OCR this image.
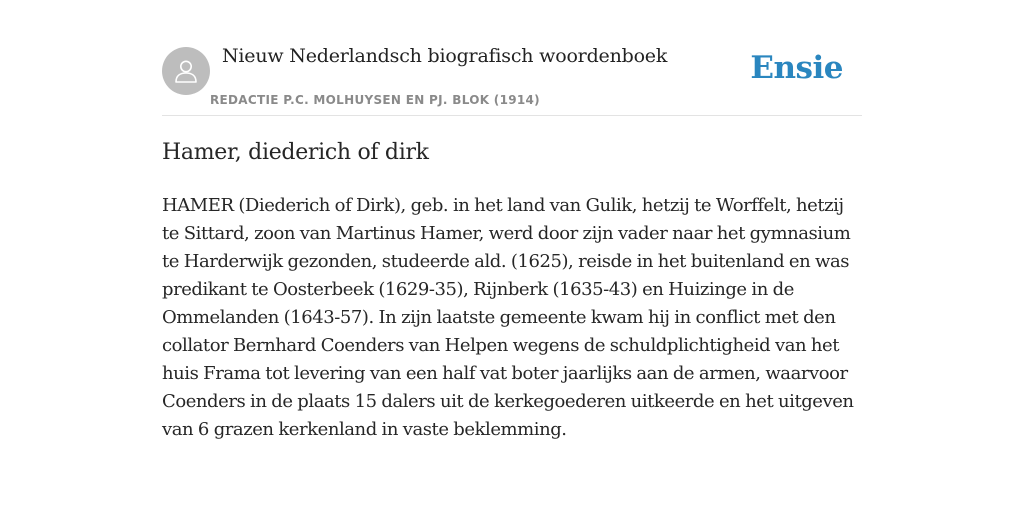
Nieuw Nederlandsch biografisch woordenboek
REDACTIE P.C. MOLHUYSEN EN PJ. BLOK (1914)
Ensie
Hamer, diederich of dirk

HAMER (Diederich of Dirk), geb. in het land van Gulik, hetzij te Worffelt, hetzij te Sittard, zoon van Martinus Hamer, werd door zijn vader naar het gymnasium te Harderwijk gezonden, studeerde ald. (1625), reisde in het buitenland en was predikant te Oosterbeek (1629-35), Rijnberk (1635-43) en Huizinge in de Ommelanden (1643-57). In zijn laatste gemeente kwam hij in conflict met den collator Bernhard Coenders van Helpen wegens de schuldplichtigheid van het huis Frama tot levering van een half vat boter jaarlijks aan de armen, waarvoor Coenders in de plaats 15 dalers uit de kerkegoederen uitkeerde en het uitgeven van 6 grazen kerkenland in vaste beklemming.
